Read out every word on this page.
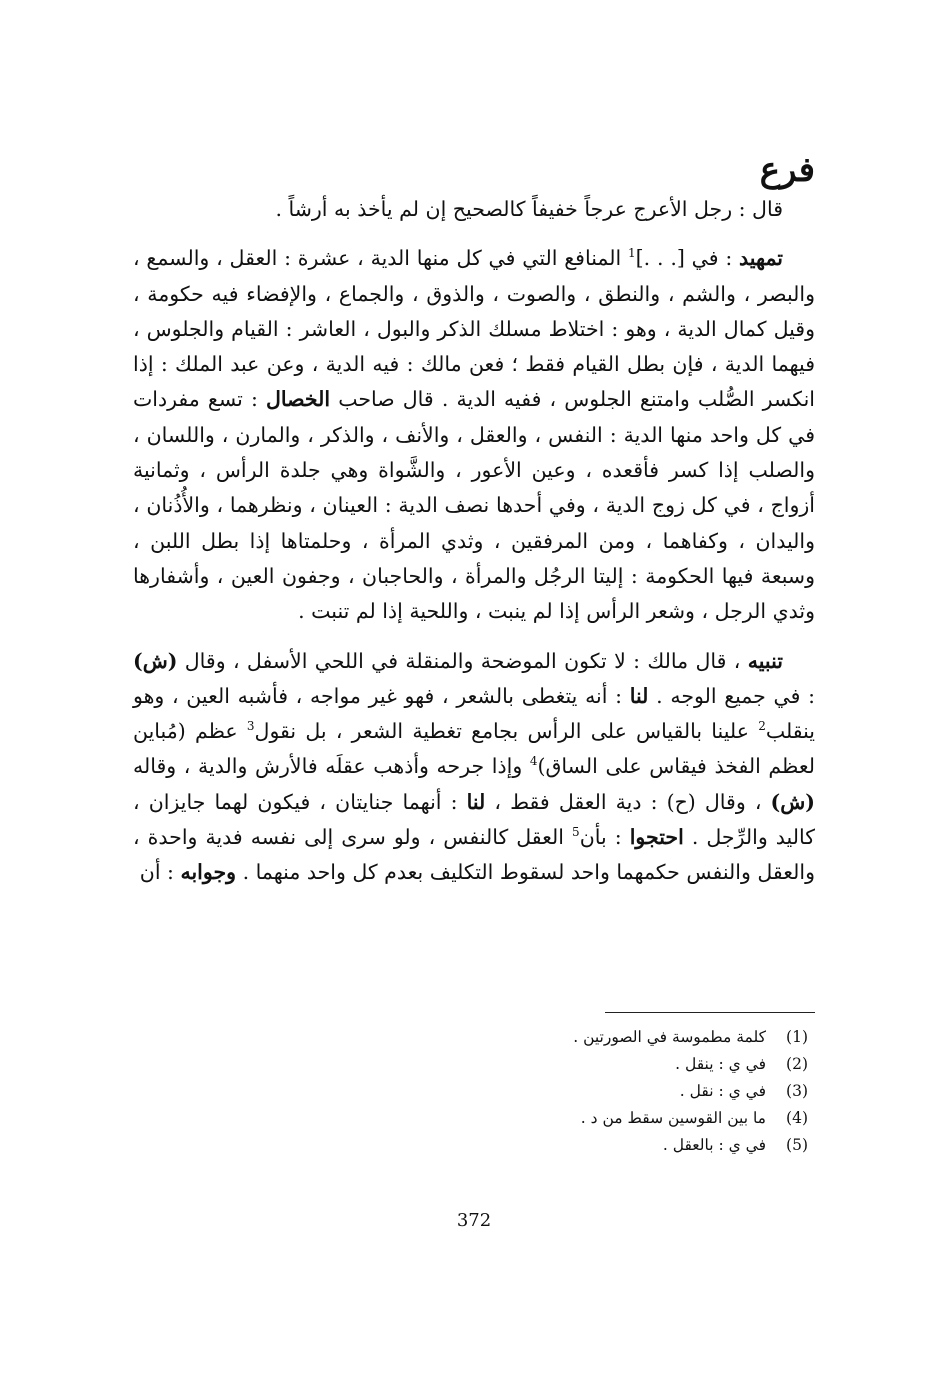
فرع

قال : رجل الأعرج عرجاً خفيفاً كالصحيح إن لم يأخذ به أرشاً .

تمهيد : في [. . .]$^1$ المنافع التي في كل منها الدية ، عشرة : العقل ، والسمع ، والبصر ، والشم ، والنطق ، والصوت ، والذوق ، والجماع ، والإفضاء فيه حكومة ، وقيل كمال الدية ، وهو : اختلاط مسلك الذكر والبول ، العاشر : القيام والجلوس ، فيهما الدية ، فإن بطل القيام فقط ؛ فعن مالك : فيه الدية ، وعن عبد الملك : إذا انكسر الصُّلب وامتنع الجلوس ، ففيه الدية . قال صاحب الخصال : تسع مفردات في كل واحد منها الدية : النفس ، والعقل ، والأنف ، والذكر ، والمارن ، واللسان ، والصلب إذا كسر فأقعده ، وعين الأعور ، والشَّواة وهي جلدة الرأس ، وثمانية أزواج ، في كل زوج الدية ، وفي أحدها نصف الدية : العينان ، ونظرهما ، والأُذُنان ، واليدان ، وكفاهما ، ومن المرفقين ، وثدي المرأة ، وحلمتاها إذا بطل اللبن ، وسبعة فيها الحكومة : إليتا الرجُل والمرأة ، والحاجبان ، وجفون العين ، وأشفارها وثدي الرجل ، وشعر الرأس إذا لم ينبت ، واللحية إذا لم تنبت .

تنبيه ، قال مالك : لا تكون الموضحة والمنقلة في اللحي الأسفل ، وقال (ش) : في جميع الوجه . لنا : أنه يتغطى بالشعر ، فهو غير مواجه ، فأشبه العين ، وهو ينقلب$^2$ علينا بالقياس على الرأس بجامع تغطية الشعر ، بل نقول$^3$ عظم (مُباين لعظم الفخذ فيقاس على الساق)$^4$ وإذا جرحه وأذهب عقلَه فالأرش والدية ، وقاله (ش) ، وقال (ح) : دية العقل فقط ، لنا : أنهما جنايتان ، فيكون لهما جايزان ، كاليد والرِّجل . احتجوا : بأن$^5$ العقل كالنفس ، ولو سرى إلى نفسه فدية واحدة ، والعقل والنفس حكمهما واحد لسقوط التكليف بعدم كل واحد منهما . وجوابه : أن

(1)
كلمة مطموسة في الصورتين .
(2)
في ي : ينقل .
(3)
في ي : نقل .
(4)
ما بين القوسين سقط من د .
(5)
في ي : بالعقل .
372
